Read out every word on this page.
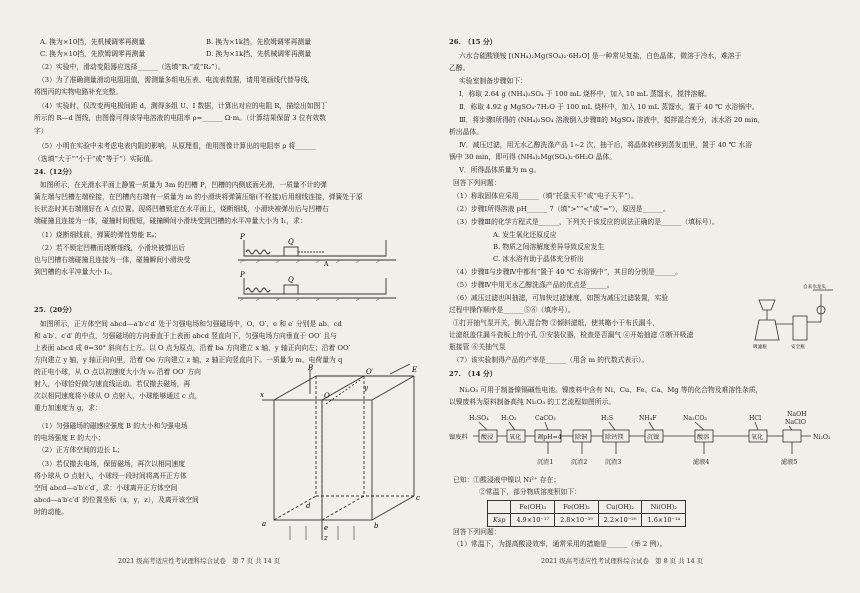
A. 换为×10挡，先机械调零再测量	B. 换为×1k挡，先欧姆调零再测量
C. 换为×10挡，先欧姆调零再测量	D. 换为×1k挡，先机械调零再测量
（2）实验中，滑动变阻器应选择______（选填“R₁”或“R₂”）。
（3）为了准确测量滑动电阻阻值，需测量多组电压表、电流表数据，请用笔画线代替导线，
将图丙的实物电路补充完整。
（4）实验时，仅改变两电极间距 d，测得多组 U、I 数据，计算出对应的电阻 R，描绘出如图丁
所示的 R—d 图线，由图像可得该导电溶液的电阻率 ρ=______ Ω·m。（计算结果保留 3 位有效数
字）
（5）小明在实验中未考虑电表内阻的影响，从原理看，他用图像计算出的电阻率 ρ 将______
（选填“大于”“小于”或“等于”）实际值。
24.（12分）
如图所示，在光滑水平面上静置一质量为 3m 的凹槽 P，凹槽的内侧底面光滑，一质量不计的弹
簧左端与凹槽左端栓接，在凹槽内右端有一质量为 m 的小滑块将弹簧压缩(不栓接)后用细线连接，弹簧处于原
长状态时其右端刚好在 A 点位置。现将凹槽锁定在水平面上，烧断细线，小滑块被弹出后与凹槽右
端碰撞且连接为一体，碰撞时间极短，碰撞瞬间小滑块受到凹槽的水平冲量大小为 I₁，求：
（1）烧断细线前，弹簧的弹性势能 Eₚ；
（2）若不锁定凹槽而烧断细线，小滑块被弹出后
也与凹槽右端碰撞且连接为一体，碰撞瞬间小滑块受
到凹槽的水平冲量大小 I₂。
P
Q
A
P
Q
25.（20分）
如图所示，正方体空间 abcd—a′b′c′d′ 处于匀强电场和匀强磁场中，O、O′、e 和 e′ 分别是 ab、cd
和 a′b′、c′d′ 的中点，匀强磁场的方向垂直于上表面 abcd 竖直向下，匀强电场方向垂直于 OO′ 且与
上表面 abcd 成 θ=30° 斜向右上方。以 O 点为原点，沿着 ba 方向建立 x 轴，y 轴正向向左；沿着 OO′
方向建立 y 轴，y 轴正向向里，沿着 Oe 方向建立 z 轴，z 轴正向竖直向下。一质量为 m、电荷量为 q
的正电小球，从 O 点以初速度大小为 v₀ 沿着 OO′ 方向
射入，小球恰好做匀速直线运动。若仅撤去磁场，再
次以相同速度将小球从 O 点射入，小球能够通过 c 点，
重力加速度为 g，求：
（1）匀强磁场的磁感应强度 B 的大小和匀强电场
的电场强度 E 的大小；
（2）正方体空间的边长 L；
（3）若仅撤去电场，保留磁场，再次以相同速度
将小球从 O 点射入，小球经一段时间将离开正方体
空间 abcd—a′b′c′d′，求：小球离开正方体空间
abcd—a′b′c′d′ 的位置坐标（x，y，z），及离开该空间
时的动能。
B	E
x
z
y
O
O′
a	b
c
d
e
2021 级高考适应性考试理科综合试卷　第 7 页 共 14 页
26.　（15 分）
六水合硫酸镁铵 [(NH₄)₂Mg(SO₄)₂·6H₂O] 是一种常见复盐，白色晶体，微溶于冷水，难溶于
乙醇。
实验室制备步骤如下：
Ⅰ．称取 2.64 g (NH₄)₂SO₄ 于 100 mL 烧杯中，加入 10 mL 蒸馏水，搅拌溶解。
Ⅱ．称取 4.92 g MgSO₄·7H₂O 于 100 mL 烧杯中，加入 10 mL 蒸馏水，置于 40 ℃ 水浴锅中。
Ⅲ．将步骤Ⅰ所得的 (NH₄)₂SO₄ 溶液倒入步骤Ⅱ的 MgSO₄ 溶液中，搅拌混合充分，冰水浴 20 min，
析出晶体。
Ⅳ．减压过滤，用无水乙醇洗涤产品 1~2 次，抽干后，将晶体转移到蒸发皿里，置于 40 ℃ 水浴
锅中 30 min，即可得 (NH₄)₂Mg(SO₄)₂·6H₂O 晶体。
Ⅴ．所得晶体质量为 m g。
回答下列问题：
（1）称取固体应采用______（填“托盘天平”或“电子天平”）。
（2）步骤Ⅰ所得溶液 pH______ 7（填“>”“<”或“=”），原因是______。
（3）步骤Ⅲ的化学方程式是______，下列关于该反应的说法正确的是______（填标号）。
A. 发生氧化还原反应
B. 物质之间溶解度差异导致反应发生
C. 冰水浴有助于晶体充分析出
（4）步骤Ⅱ与步骤Ⅳ中都有“置于 40 ℃ 水浴锅中”，其目的分别是______。
（5）步骤Ⅳ中用无水乙醇洗涤产品的优点是______。
（6）减压过滤也叫抽滤，可加快过滤速度，如图为减压过滤装置，实验
过程中操作顺序是______⑤⑥（填序号）。
①打开抽气泵开关，倒入混合物 ②倾斜滤纸，使其略小于布氏漏斗，
让滤纸盖住漏斗瓷板上的小孔 ③安装仪器，检查是否漏气 ④开始抽滤 ⑤断开吸滤
瓶接管 ⑥关抽气泵
（7）该实验制得产品的产率是______（用含 m 的代数式表示）。
自来水龙头
吸滤瓶	安全瓶
27.　（14 分）
Ni₂O₃ 可用于制备镍镉碱性电池。镍废料中含有 Ni、Cu、Fe、Ca、Mg 等的化合物及难溶性杂质，
以镍废料为原料制备高纯 Ni₂O₃ 的工艺流程如图所示。
H₂SO₄ H₂O₂	CaCO₃	H₂S	NH₄F	Na₂CO₃	HCl
NaOH
NaClO
镍废料 酸浸	氧化	调pH=4 除铜	除钙镁	沉镍	酸溶	氧化	Ni₂O₃
沉渣1	沉渣2	沉渣3	滤液4	滤液5
已知：①酸浸液中镍以 Ni²⁺ 存在；
②常温下，部分物质溶度积如下：
	Fe(OH)₃	Fe(OH)₂	Cu(OH)₂	Ni(OH)₂
Ksp	4.9×10⁻¹⁷	2.8×10⁻³⁹	2.2×10⁻²⁰	1.6×10⁻¹⁴
回答下列问题：
（1）常温下，为提高酸浸效率，通常采用的措施是______（举 2 例）。
2021 级高考适应性考试理科综合试卷　第 8 页 共 14 页
